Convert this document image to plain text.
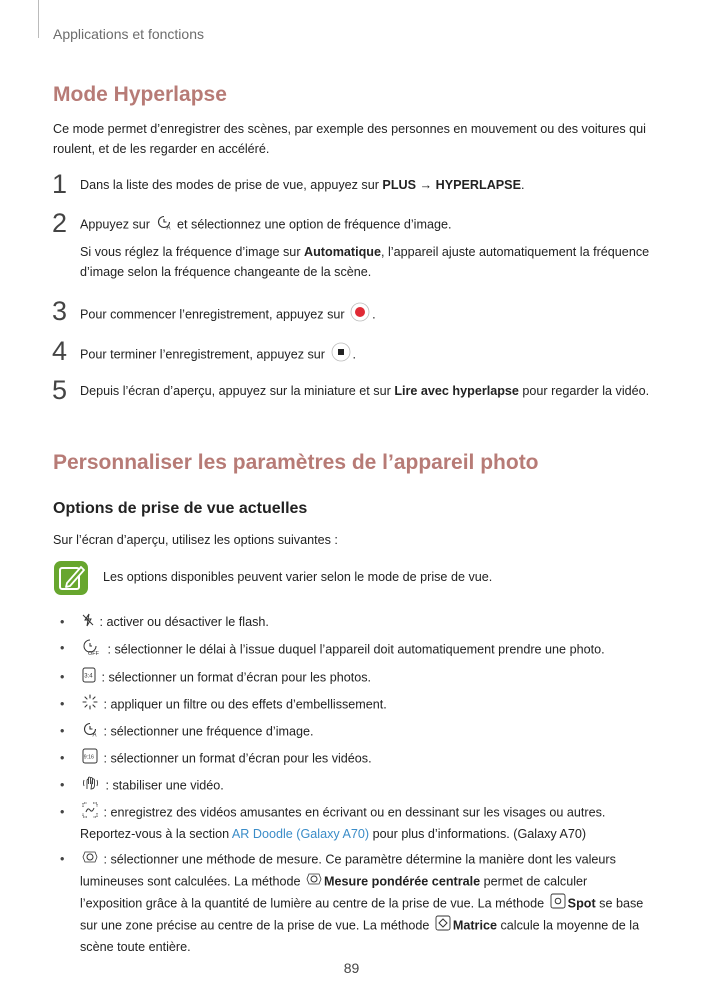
Applications et fonctions
Mode Hyperlapse
Ce mode permet d’enregistrer des scènes, par exemple des personnes en mouvement ou des voitures qui roulent, et de les regarder en accéléré.
1 Dans la liste des modes de prise de vue, appuyez sur PLUS → HYPERLAPSE.
2 Appuyez sur A et sélectionnez une option de fréquence d’image.
Si vous réglez la fréquence d’image sur Automatique, l’appareil ajuste automatiquement la fréquence d’image selon la fréquence changeante de la scène.
3 Pour commencer l’enregistrement, appuyez sur .
4 Pour terminer l’enregistrement, appuyez sur .
5 Depuis l’écran d’aperçu, appuyez sur la miniature et sur Lire avec hyperlapse pour regarder la vidéo.
Personnaliser les paramètres de l’appareil photo
Options de prise de vue actuelles
Sur l’écran d’aperçu, utilisez les options suivantes :
Les options disponibles peuvent varier selon le mode de prise de vue.
• : activer ou désactiver le flash.
• OFF : sélectionner le délai à l’issue duquel l’appareil doit automatiquement prendre une photo.
• 3:4 : sélectionner un format d’écran pour les photos.
• : appliquer un filtre ou des effets d’embellissement.
• A : sélectionner une fréquence d’image.
• 9:16 : sélectionner un format d’écran pour les vidéos.
• : stabiliser une vidéo.
• : enregistrez des vidéos amusantes en écrivant ou en dessinant sur les visages ou autres. Reportez-vous à la section AR Doodle (Galaxy A70) pour plus d’informations. (Galaxy A70)
• : sélectionner une méthode de mesure. Ce paramètre détermine la manière dont les valeurs lumineuses sont calculées. La méthode Mesure pondérée centrale permet de calculer l’exposition grâce à la quantité de lumière au centre de la prise de vue. La méthode Spot se base sur une zone précise au centre de la prise de vue. La méthode Matrice calcule la moyenne de la scène toute entière.
89
